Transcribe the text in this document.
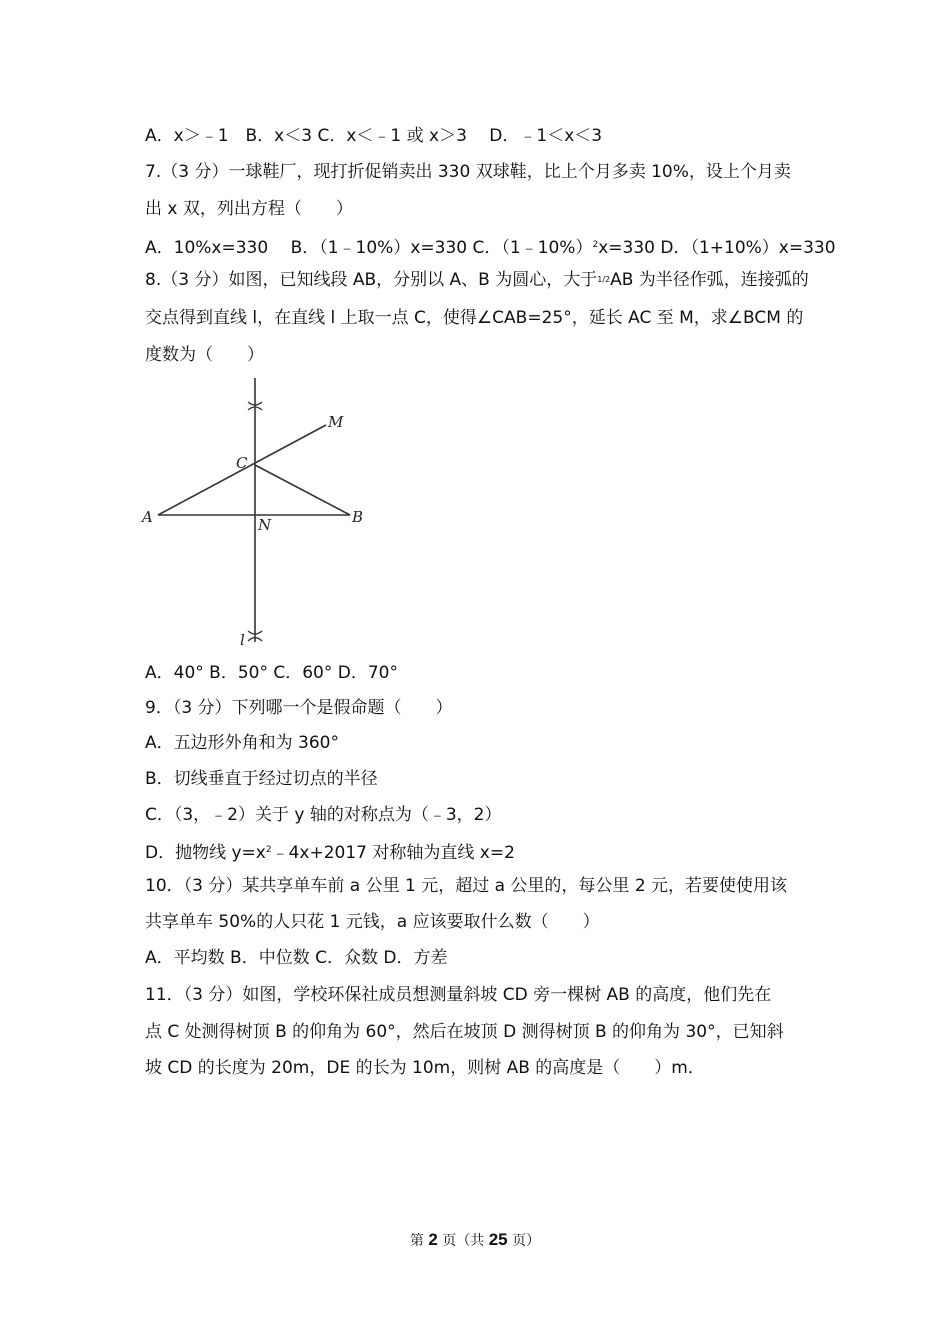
A．x＞﹣1　B．x＜3 C．x＜﹣1 或 x＞3　 D．﹣1＜x＜3
7.（3 分）一球鞋厂，现打折促销卖出 330 双球鞋，比上个月多卖 10%，设上个月卖
出 x 双，列出方程（　　）
A．10%x=330　 B．（1﹣10%）x=330 C．（1﹣10%）$^2$x=330 D．（1+10%）x=330
8.（3 分）如图，已知线段 AB，分别以 A、B 为圆心，大于1/2AB 为半径作弧，连接弧的
交点得到直线 l，在直线 l 上取一点 C，使得∠CAB=25°，延长 AC 至 M，求∠BCM 的
度数为（　　）
A	B
C
M
N
l
A．40° B．50° C．60° D．70°
9．（3 分）下列哪一个是假命题（　　）
A．五边形外角和为 360°
B．切线垂直于经过切点的半径
C．（3，﹣2）关于 y 轴的对称点为（﹣3，2）
D．抛物线 $y=x^2﹣4x+2017$ 对称轴为直线 x=2
10．（3 分）某共享单车前 a 公里 1 元，超过 a 公里的，每公里 2 元，若要使使用该
共享单车 50%的人只花 1 元钱，a 应该要取什么数（　　）
A．平均数 B．中位数 C．众数 D．方差
11．（3 分）如图，学校环保社成员想测量斜坡 CD 旁一棵树 AB 的高度，他们先在
点 C 处测得树顶 B 的仰角为 60°，然后在坡顶 D 测得树顶 B 的仰角为 30°，已知斜
坡 CD 的长度为 20m，DE 的长为 10m，则树 AB 的高度是（　　）m．
第 2 页（共 25 页）
